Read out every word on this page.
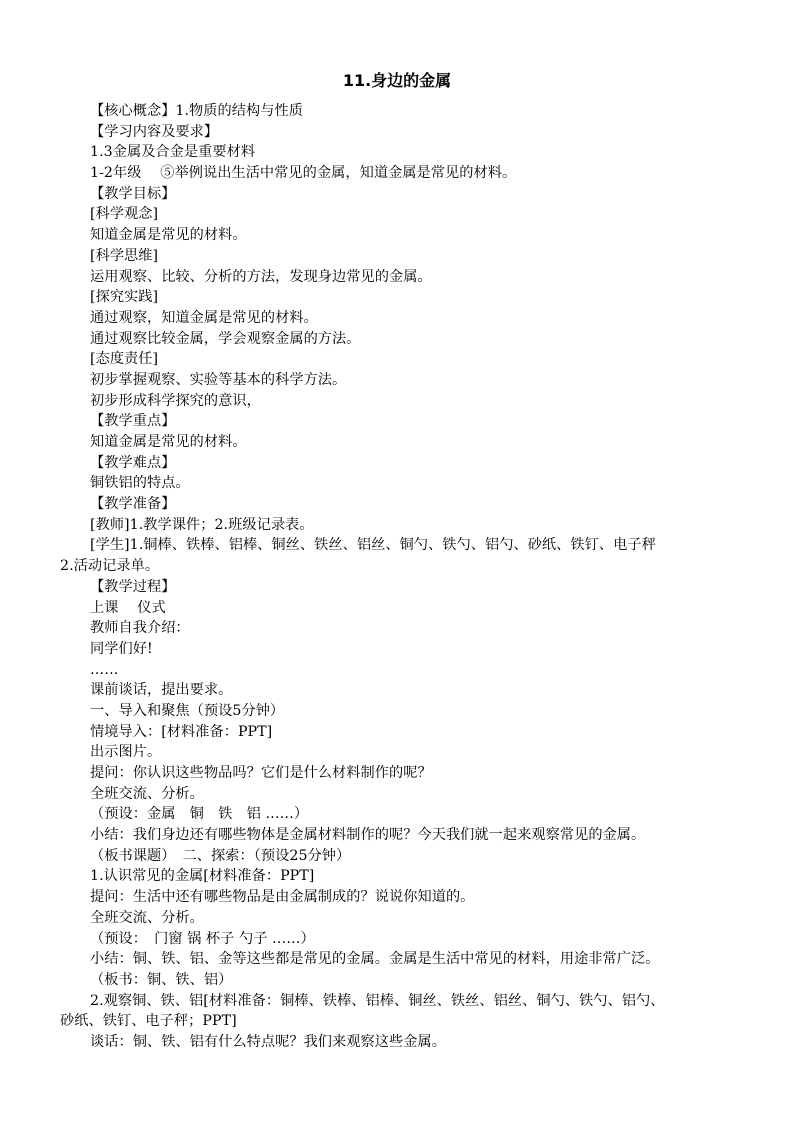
11.身边的金属
【核心概念】1.物质的结构与性质
【学习内容及要求】
1.3金属及合金是重要材料
1-2年级　 ⑤举例说出生活中常见的金属，知道金属是常见的材料。
【教学目标】
[科学观念]
知道金属是常见的材料。
[科学思维]
运用观察、比较、分析的方法，发现身边常见的金属。
[探究实践]
通过观察，知道金属是常见的材料。
通过观察比较金属，学会观察金属的方法。
[态度责任]
初步掌握观察、实验等基本的科学方法。
初步形成科学探究的意识，
【教学重点】
知道金属是常见的材料。
【教学难点】
铜铁铝的特点。
【教学准备】
[教师]1.教学课件；2.班级记录表。
[学生]1.铜棒、铁棒、铝棒、铜丝、铁丝、铝丝、铜勺、铁勺、铝勺、砂纸、铁钉、电子秤
2.活动记录单。
【教学过程】
上课　 仪式
教师自我介绍：
同学们好!
……
课前谈话，提出要求。
一、导入和聚焦（预设5分钟）
情境导入：[材料准备：PPT]
出示图片。
提问：你认识这些物品吗？它们是什么材料制作的呢？
全班交流、分析。
（预设：金属　铜　铁　铝 ……）
小结：我们身边还有哪些物体是金属材料制作的呢？今天我们就一起来观察常见的金属。
（板书课题）　二、探索：（预设25分钟）
1.认识常见的金属[材料准备：PPT]
提问：生活中还有哪些物品是由金属制成的？说说你知道的。
全班交流、分析。
（预设：　门窗 锅 杯子 勺子 ……）
小结：铜、铁、铝、金等这些都是常见的金属。金属是生活中常见的材料，用途非常广泛。
（板书：铜、铁、铝）
2.观察铜、铁、铝[材料准备：铜棒、铁棒、铝棒、铜丝、铁丝、铝丝、铜勺、铁勺、铝勺、
砂纸、铁钉、电子秤；PPT]
谈话：铜、铁、铝有什么特点呢？我们来观察这些金属。
